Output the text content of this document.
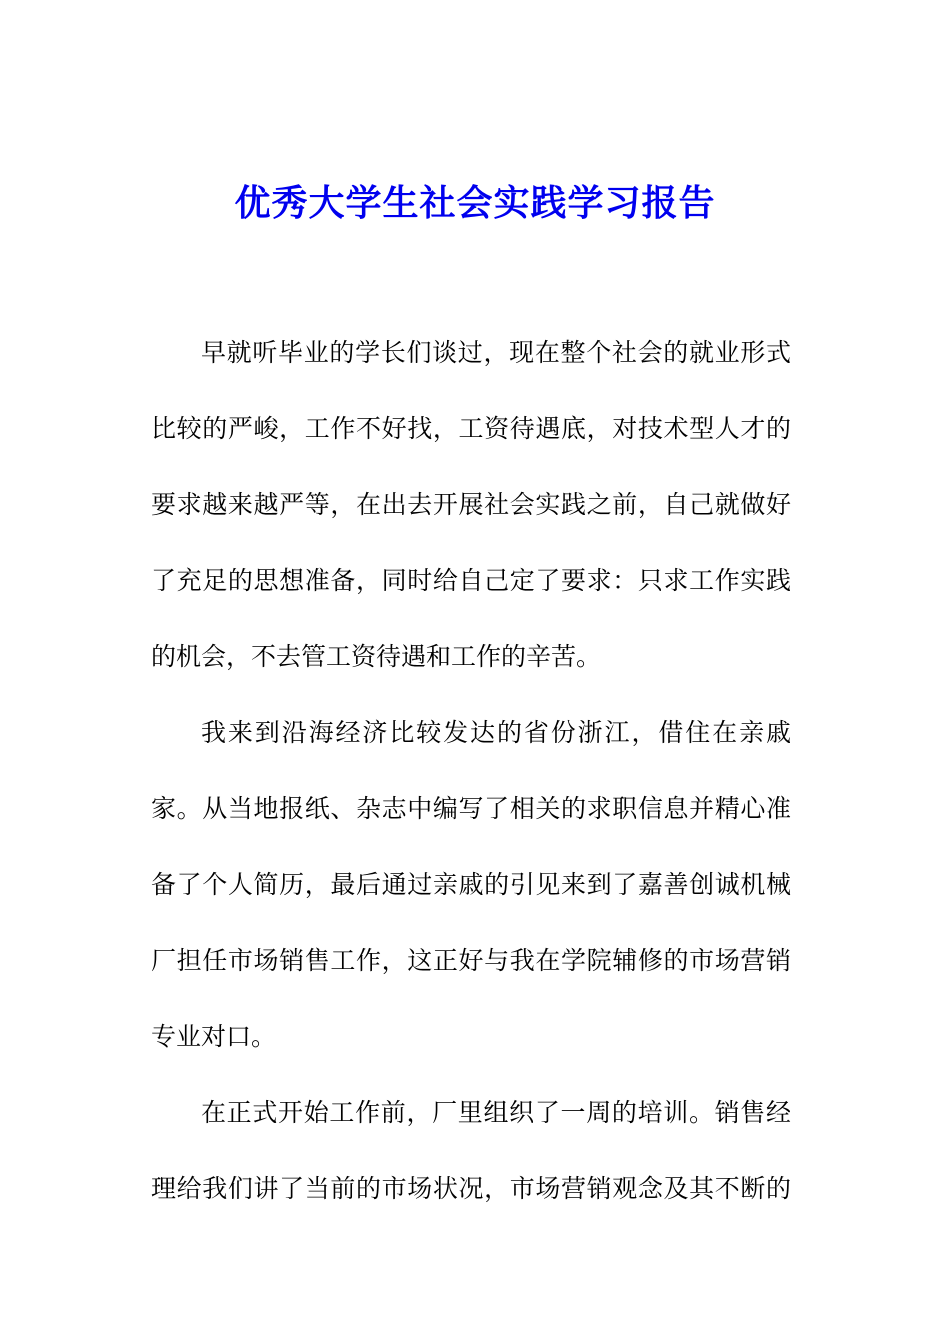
优秀大学生社会实践学习报告
早就听毕业的学长们谈过，现在整个社会的就业形式
比较的严峻，工作不好找，工资待遇底，对技术型人才的
要求越来越严等，在出去开展社会实践之前，自己就做好
了充足的思想准备，同时给自己定了要求：只求工作实践
的机会，不去管工资待遇和工作的辛苦。
我来到沿海经济比较发达的省份浙江，借住在亲戚
家。从当地报纸、杂志中编写了相关的求职信息并精心准
备了个人简历，最后通过亲戚的引见来到了嘉善创诚机械
厂担任市场销售工作，这正好与我在学院辅修的市场营销
专业对口。
在正式开始工作前，厂里组织了一周的培训。销售经
理给我们讲了当前的市场状况，市场营销观念及其不断的
